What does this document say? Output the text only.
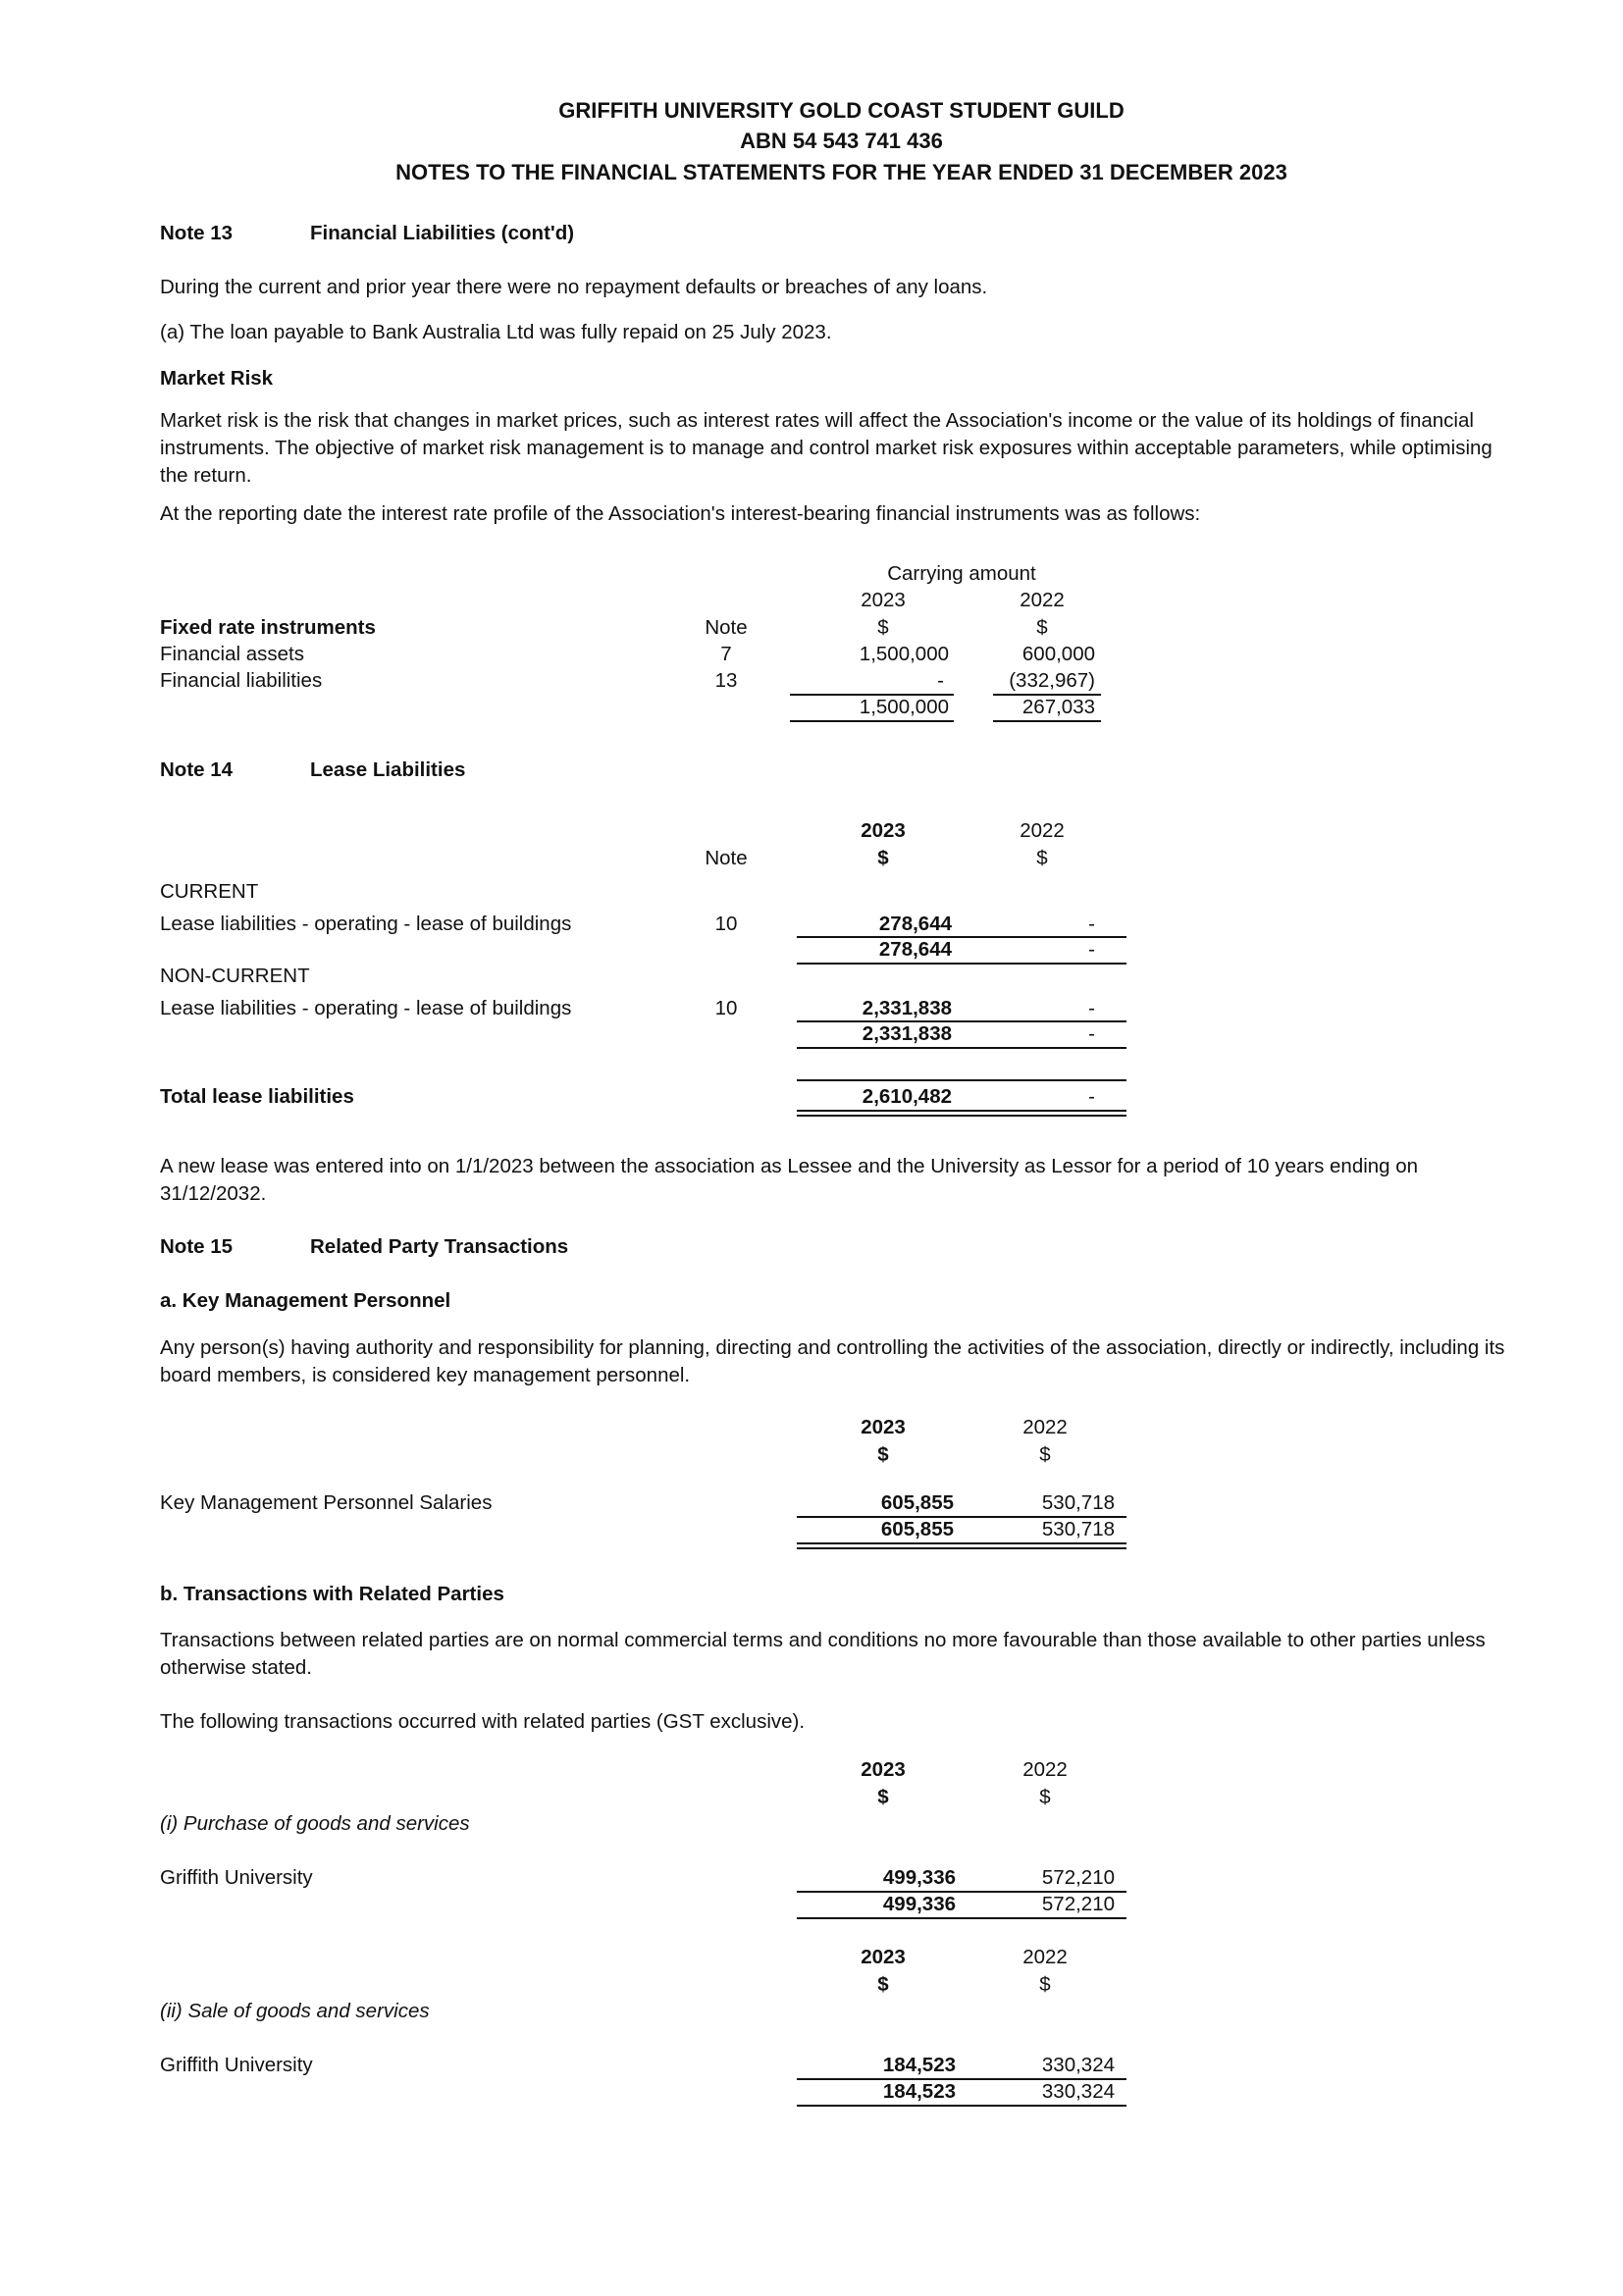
GRIFFITH UNIVERSITY GOLD COAST STUDENT GUILD
ABN 54 543 741 436
NOTES TO THE FINANCIAL STATEMENTS FOR THE YEAR ENDED 31 DECEMBER 2023
Note 13	Financial Liabilities (cont'd)
During the current and prior year there were no repayment defaults or breaches of any loans.
(a) The loan payable to Bank Australia Ltd was fully repaid on 25 July 2023.
Market Risk
Market risk is the risk that changes in market prices, such as interest rates will affect the Association's income or the value of its holdings of financial instruments. The objective of market risk management is to manage and control market risk exposures within acceptable parameters, while optimising the return.
At the reporting date the interest rate profile of the Association's interest-bearing financial instruments was as follows:
Carrying amount
2023	2022
Fixed rate instruments	Note	$	$
Financial assets	7	1,500,000	600,000
Financial liabilities	13	-	(332,967)
1,500,000	267,033
Note 14	Lease Liabilities
2023	2022
Note	$	$
CURRENT
Lease liabilities - operating - lease of buildings	10	278,644	-
278,644	-
NON-CURRENT
Lease liabilities - operating - lease of buildings	10	2,331,838	-
2,331,838	-
Total lease liabilities	2,610,482	-
A new lease was entered into on 1/1/2023 between the association as Lessee and the University as Lessor for a period of 10 years ending on 31/12/2032.
Note 15	Related Party Transactions
a. Key Management Personnel
Any person(s) having authority and responsibility for planning, directing and controlling the activities of the association, directly or indirectly, including its board members, is considered key management personnel.
2023	2022
$	$
Key Management Personnel Salaries	605,855	530,718
605,855	530,718
b. Transactions with Related Parties
Transactions between related parties are on normal commercial terms and conditions no more favourable than those available to other parties unless otherwise stated.
The following transactions occurred with related parties (GST exclusive).
2023	2022
$	$
(i) Purchase of goods and services
Griffith University	499,336	572,210
499,336	572,210
2023	2022
$	$
(ii) Sale of goods and services
Griffith University	184,523	330,324
184,523	330,324
